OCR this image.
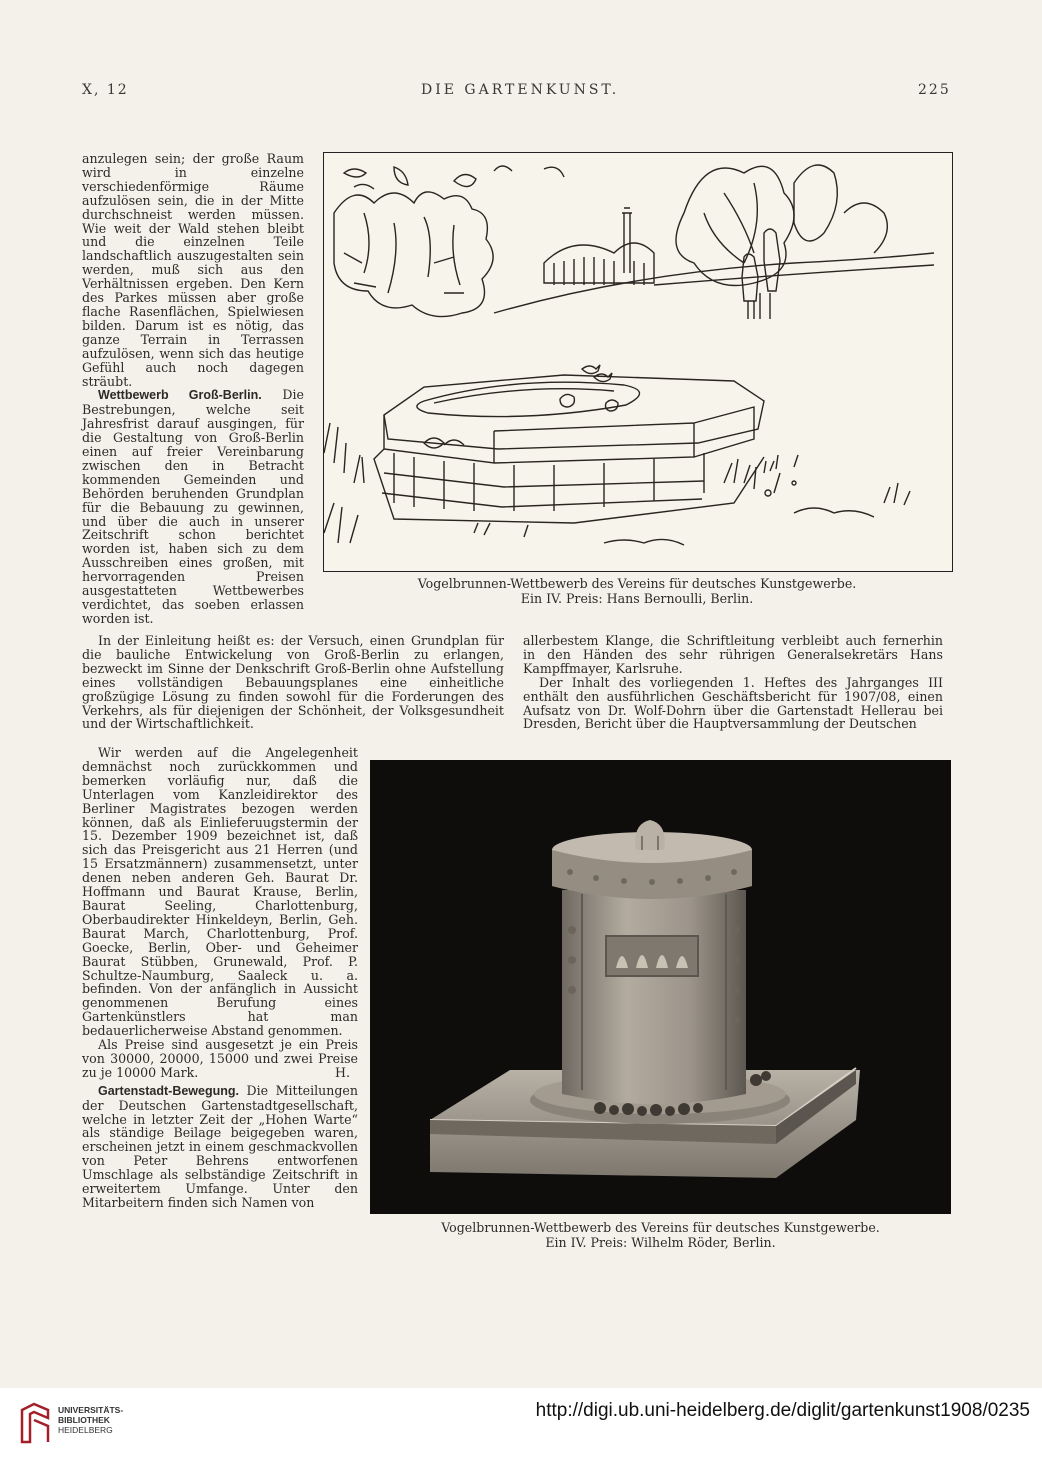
X, 12	DIE GARTENKUNST.	225

anzulegen sein; der große Raum wird in einzelne verschiedenförmige Räume aufzulösen sein, die in der Mitte durchschneist werden müssen. Wie weit der Wald stehen bleibt und die einzelnen Teile landschaftlich auszugestalten sein werden, muß sich aus den Verhältnissen ergeben. Den Kern des Parkes müssen aber große flache Rasenflächen, Spielwiesen bilden. Darum ist es nötig, das ganze Terrain in Terrassen aufzulösen, wenn sich das heutige Gefühl auch noch dagegen sträubt.

Wettbewerb Groß-Berlin. Die Bestrebungen, welche seit Jahresfrist darauf ausgingen, für die Gestaltung von Groß-Berlin einen auf freier Vereinbarung zwischen den in Betracht kommenden Gemeinden und Behörden beruhenden Grundplan für die Bebauung zu gewinnen, und über die auch in unserer Zeitschrift schon berichtet worden ist, haben sich zu dem Ausschreiben eines großen, mit hervorragenden Preisen ausgestatteten Wettbewerbes verdichtet, das soeben erlassen worden ist.

Vogelbrunnen-Wettbewerb des Vereins für deutsches Kunstgewerbe.
Ein IV. Preis: Hans Bernoulli, Berlin.

In der Einleitung heißt es: der Versuch, einen Grundplan für die bauliche Entwickelung von Groß-Berlin zu erlangen, bezweckt im Sinne der Denkschrift Groß-Berlin ohne Aufstellung eines vollständigen Bebauungsplanes eine einheitliche großzügige Lösung zu finden sowohl für die Forderungen des Verkehrs, als für diejenigen der Schönheit, der Volksgesundheit und der Wirtschaftlichkeit.

allerbestem Klange, die Schriftleitung verbleibt auch fernerhin in den Händen des sehr rührigen Generalsekretärs Hans Kampffmayer, Karlsruhe.

Der Inhalt des vorliegenden 1. Heftes des Jahrganges III enthält den ausführlichen Geschäftsbericht für 1907/08, einen Aufsatz von Dr. Wolf-Dohrn über die Gartenstadt Hellerau bei Dresden, Bericht über die Hauptversammlung der Deutschen

Wir werden auf die Angelegenheit demnächst noch zurückkommen und bemerken vorläufig nur, daß die Unterlagen vom Kanzleidirektor des Berliner Magistrates bezogen werden können, daß als Einlieferuugstermin der 15. Dezember 1909 bezeichnet ist, daß sich das Preisgericht aus 21 Herren (und 15 Ersatzmännern) zusammensetzt, unter denen neben anderen Geh. Baurat Dr. Hoffmann und Baurat Krause, Berlin, Baurat Seeling, Charlottenburg, Oberbaudirekter Hinkeldeyn, Berlin, Geh. Baurat March, Charlottenburg, Prof. Goecke, Berlin, Ober- und Geheimer Baurat Stübben, Grunewald, Prof. P. Schultze-Naumburg, Saaleck u. a. befinden. Von der anfänglich in Aussicht genommenen Berufung eines Gartenkünstlers hat man bedauerlicherweise Abstand genommen.

Als Preise sind ausgesetzt je ein Preis von 30000, 20000, 15000 und zwei Preise zu je 10000 Mark.	H.

Gartenstadt-Bewegung. Die Mitteilungen der Deutschen Gartenstadtgesellschaft, welche in letzter Zeit der „Hohen Warte“ als ständige Beilage beigegeben waren, erscheinen jetzt in einem geschmackvollen von Peter Behrens entworfenen Umschlage als selbständige Zeitschrift in erweitertem Umfange. Unter den Mitarbeitern finden sich Namen von

Vogelbrunnen-Wettbewerb des Vereins für deutsches Kunstgewerbe.
Ein IV. Preis: Wilhelm Röder, Berlin.
UNIVERSITÄTS-
BIBLIOTHEK
HEIDELBERG
http://digi.ub.uni-heidelberg.de/diglit/gartenkunst1908/0235
